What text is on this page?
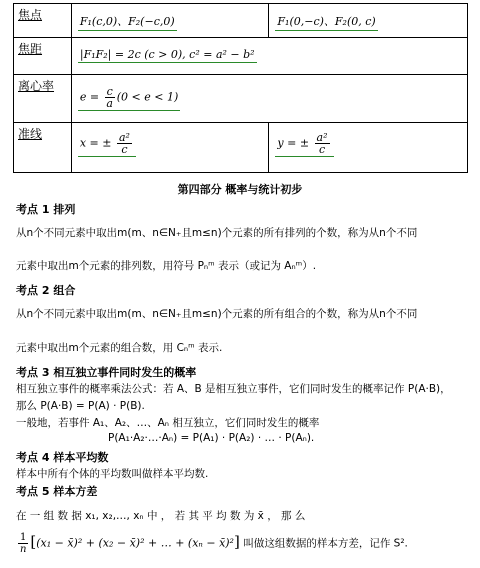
焦点	F₁(c,0)、F₂(−c,0)	F₁(0,−c)、F₂(0, c)

焦距	|F₁F₂| = 2c (c > 0), c² = a² − b²	

离心率	$e = \frac{c}{a} (0 < e < 1)$	

准线	x = ± $\frac{\text{a²}}{c}$	y = ± $\frac{\text{a²}}{c}$
第四部分 概率与统计初步
考点 1 排列
从n个不同元素中取出m(m、n∈N₊且m≤n)个元素的所有排列的个数，称为从n个不同
元素中取出m个元素的排列数，用符号 Pₙᵐ 表示（或记为 Aₙᵐ）.
考点 2 组合
从n个不同元素中取出m(m、n∈N₊且m≤n)个元素的所有组合的个数，称为从n个不同
元素中取出m个元素的组合数，用 Cₙᵐ 表示.
考点 3 相互独立事件同时发生的概率
相互独立事件的概率乘法公式：若 A、B 是相互独立事件，它们同时发生的概率记作 P(A·B)，
那么 P(A·B) = P(A) · P(B).
一般地，若事件 A₁、A₂、…、Aₙ 相互独立，它们同时发生的概率
P(A₁·A₂·…·Aₙ) = P(A₁) · P(A₂) · … · P(Aₙ).
考点 4 样本平均数
样本中所有个体的平均数叫做样本平均数.
考点 5 样本方差
在 一 组 数 据 x₁, x₂,…, xₙ 中 ， 若 其 平 均 数 为 x̄ ， 那 么
$\frac{1}{n} [(x_1$ − x̄)² + (x₂ − x̄)² + … + (xₙ − x̄)²] 叫做这组数据的样本方差，记作 S².
